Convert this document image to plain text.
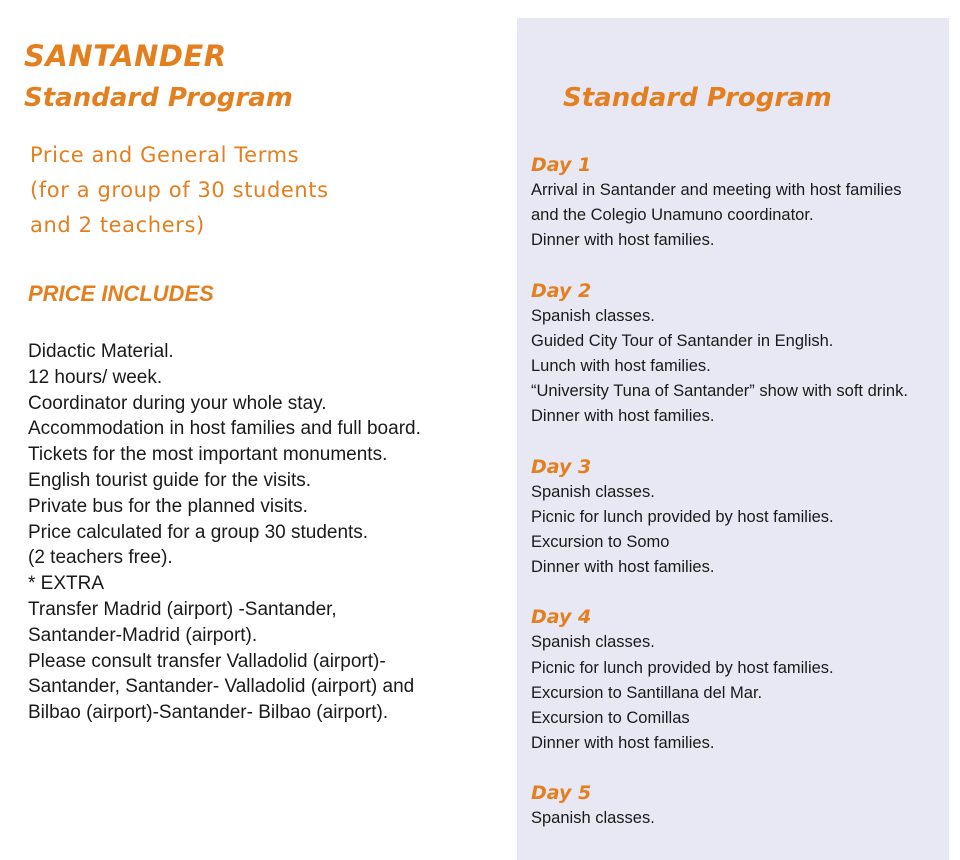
SANTANDER
Standard Program
Price and General Terms
(for a group of 30 students
and 2 teachers)
PRICE INCLUDES
Didactic Material.
12 hours/ week.
Coordinator during your whole stay.
Accommodation in host families and full board.
Tickets for the most important monuments.
English tourist guide for the visits.
Private bus for the planned visits.
Price calculated for a group 30 students.
(2 teachers free).
* EXTRA
Transfer Madrid (airport) -Santander,
Santander-Madrid (airport).
Please consult transfer Valladolid (airport)-
Santander, Santander- Valladolid (airport) and
Bilbao (airport)-Santander- Bilbao (airport).
Standard Program
Day 1
Arrival in Santander and meeting with host families
and the Colegio Unamuno coordinator.
Dinner with host families.
Day 2
Spanish classes.
Guided City Tour of Santander in English.
Lunch with host families.
“University Tuna of Santander” show with soft drink.
Dinner with host families.
Day 3
Spanish classes.
Picnic for lunch provided by host families.
Excursion to Somo
Dinner with host families.
Day 4
Spanish classes.
Picnic for lunch provided by host families.
Excursion to Santillana del Mar.
Excursion to Comillas
Dinner with host families.
Day 5
Spanish classes.
